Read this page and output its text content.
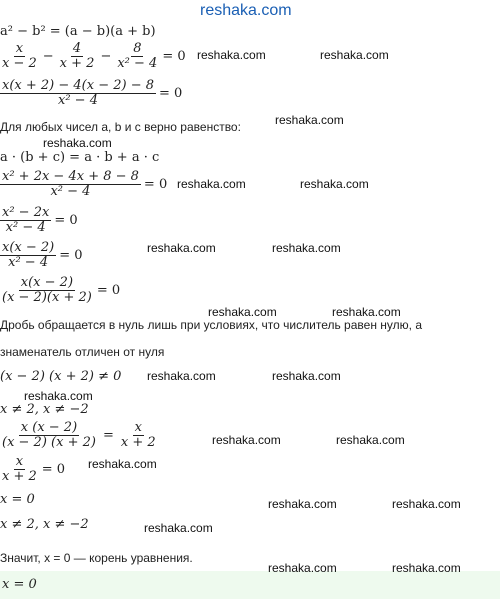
reshaka.com
a² − b² = (a − b)(a + b)
$\frac{x}{x - 2} - \frac{4}{x + 2} - \frac{8}{\text{x² − 4}} = 0$
$\frac{x(x + 2) - 4(x - 2) - 8}{\text{x² − 4}} = 0$
Для любых чисел a, b и c верно равенство:
a · (b + c) = a · b + a · c
$\frac{\text{x² + 2x − 4x + 8 − 8}}{\text{x² − 4}} = 0$
$\frac{\text{x² − 2x}}{\text{x² − 4}} = 0$
$\frac{x(x - 2)}{\text{x² − 4}} = 0$
$\frac{x(x - 2)}{(x - 2)(x + 2)} = 0$
Дробь обращается в нуль лишь при условиях, что числитель равен нулю, а
знаменатель отличен от нуля
(x − 2) (x + 2) ≠ 0
x ≠ 2, x ≠ −2
$\frac{x (x - 2)}{(x - 2) (x + 2)} = \frac{x}{x + 2}$
$\frac{x}{x + 2} = 0$
x = 0
x ≠ 2, x ≠ −2
Значит, x = 0 — корень уравнения.
x = 0
reshaka.com	reshaka.com
reshaka.com
reshaka.com
reshaka.com	reshaka.com
reshaka.com	reshaka.com
reshaka.com	reshaka.com
reshaka.com	reshaka.com
reshaka.com
reshaka.com	reshaka.com
reshaka.com
reshaka.com	reshaka.com
reshaka.com
reshaka.com	reshaka.com
